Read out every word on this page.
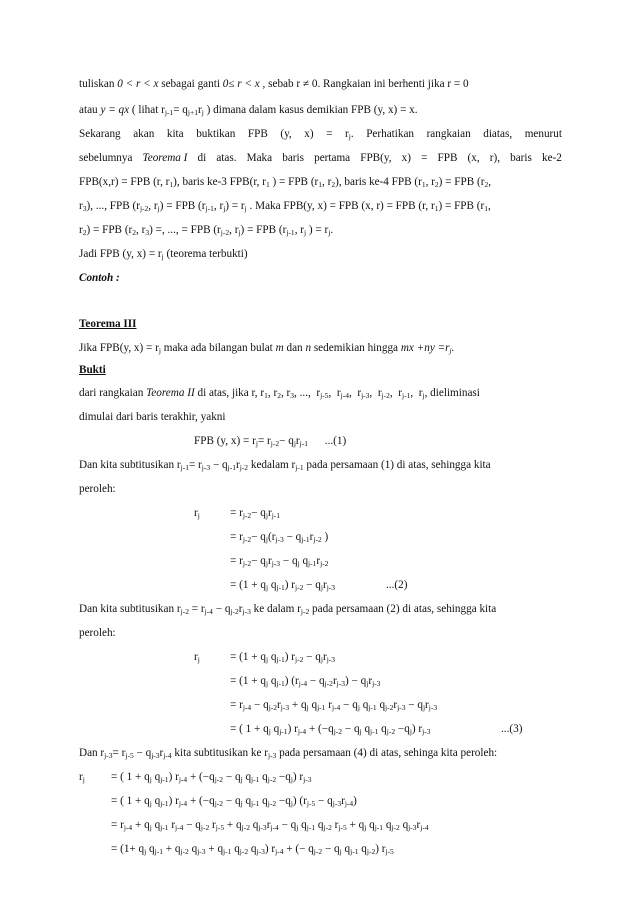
tuliskan 0 < r < x sebagai ganti 0≤ r < x , sebab r ≠ 0. Rangkaian ini berhenti jika r = 0
atau y = qx ( lihat $r_{j-1}= q_{j+1}r_j$ ) dimana dalam kasus demikian FPB (y, x) = x.
Sekarang akan kita buktikan FPB (y, $x) = r_j$. Perhatikan rangkaian diatas, menurut
sebelumnya Teorema I di atas. Maka baris pertama FPB(y, x) = FPB (x, r), baris ke-2
FPB(x,r) = FPB (r, $r_1$), baris ke-3 FPB(r, $r_1$ ) = FPB ($r_1$, $r_2$), baris ke-4 FPB ($r_1$, $r_2$) = FPB ($r_2$,
$r_3$), ..., FPB ($r_{j-2}$, $r_j$) = FPB ($r_{j-1}$, $r_j) = r_j$ . Maka FPB(y, x) = FPB (x, r) = FPB (r, $r_1$) = FPB ($r_1$,
$r_2$) = FPB ($r_2$, $r_3$) =, ..., = FPB ($r_{j-2}$, $r_j$) = FPB ($r_{j-1}$, $r_j$ ) = $r_j$.
Jadi FPB (y, $x) = r_j$ (teorema terbukti)
Contoh :
Teorema III
Jika FPB(y, $x) = r_j$ maka ada bilangan bulat m dan n sedemikian hingga mx $+ny =r_j$.
Bukti
dari rangkaian Teorema II di atas, jika r, $r_1$, $r_2$, $r_3$, ...,  $r_{j-5}$,  $r_{j-4}$,  $r_{j-3}$,  $r_{j-2}$,  $r_{j-1}$,  $r_j$, dieliminasi
dimulai dari baris terakhir, yakni
FPB (y, $x) = r_j= r_{j-2}- q_jr_{j-1}$ ...(1)
Dan kita subtitusikan $r_{j-1}= r_{j-3} - q_{j-1}r_{j-2}$ kedalam $r_{j-1}$ pada persamaan (1) di atas, sehingga kita
peroleh:
$r_j$	= $r_{j-2}- q_jr_{j-1}$
= $r_{j-2}- q_j(r_{j-3} - q_{j-1}r_{j-2}$ )
= $r_{j-2}- q_jr_{j-3} - q_j$ $q_{j-1}r_{j-2}$
= ($1 + q_j$ $q_{j-1}$) $r_{j-2} - q_jr_{j-3}$	...(2)
Dan kita subtitusikan $r_{j-2} = r_{j-4} - q_{j-2}r_{j-3}$ ke dalam $r_{j-2}$ pada persamaan (2) di atas, sehingga kita
peroleh:
$r_j$	= ($1 + q_j$ $q_{j-1}$) $r_{j-2} - q_jr_{j-3}$
= ($1 + q_j$ $q_{j-1}$) $(r_{j-4} - q_{j-2}r_{j-3}) - q_jr_{j-3}$
= $r_{j-4} - q_{j-2}r_{j-3} + q_j$ $q_{j-1}$ $r_{j-4} - q_j$ $q_{j-1}$ $q_{j-2}r_{j-3} - q_jr_{j-3}$
= ( $1 + q_j$ $q_{j-1}$) $r_{j-4} + (-q_{j-2} - q_j$ $q_{j-1}$ $q_{j-2} -q_j$) $r_{j-3}$	...(3)
Dan $r_{j-3}= r_{j-5} - q_{j-3}r_{j-4}$ kita subtitusikan ke $r_{j-3}$ pada persamaan (4) di atas, sehinga kita peroleh:
$r_j$ = ( $1 + q_j$ $q_{j-1}$) $r_{j-4} + (-q_{j-2} - q_j$ $q_{j-1}$ $q_{j-2} -q_j$) $r_{j-3}$
= ( $1 + q_j$ $q_{j-1}$) $r_{j-4} + (-q_{j-2} - q_j$ $q_{j-1}$ $q_{j-2} -q_j$) $(r_{j-5} - q_{j-3}r_{j-4})$
= $r_{j-4} + q_j$ $q_{j-1}$ $r_{j-4} - q_{j-2}$ $r_{j-5} + q_{j-2}$ $q_{j-3}r_{j-4} - q_j$ $q_{j-1}$ $q_{j-2}$ $r_{j-5} + q_j$ $q_{j-1}$ $q_{j-2}$ $q_{j-3}r_{j-4}$
= ($1+ q_j$ $q_{j-1} + q_{j-2}$ $q_{j-3} + q_{j-1}$ $q_{j-2}$ $q_{j-3}$) $r_{j-4}$ + (− $q_{j-2} - q_j$ $q_{j-1}$ $q_{j-2}$) $r_{j-5}$
